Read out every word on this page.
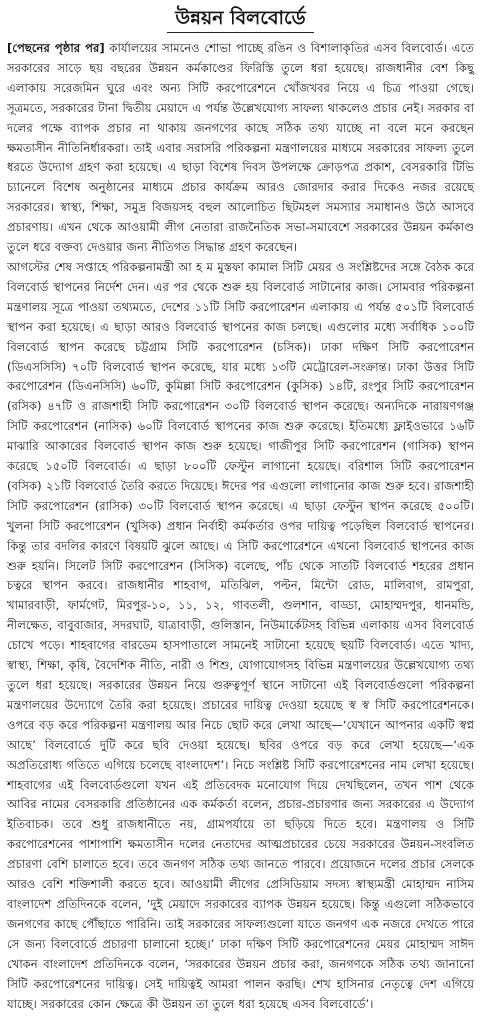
উন্নয়ন বিলবোর্ডে

[পেছনের পৃষ্ঠার পর] কার্যালয়ের সামনেও শোভা পাচ্ছে রঙিন ও বিশালাকৃতির এসব বিলবোর্ড। এতে সরকারের সাড়ে ছয় বছরের উন্নয়ন কর্মকাণ্ডের ফিরিস্তি তুলে ধরা হয়েছে। রাজধানীর বেশ কিছু এলাকায় সরেজমিন ঘুরে এবং অন্য সিটি করপোরেশনে খোঁজখবর নিয়ে এ চিত্র পাওয়া গেছে। সূত্রমতে, সরকারের টানা দ্বিতীয় মেয়াদে এ পর্যন্ত উল্লেখযোগ্য সাফল্য থাকলেও প্রচার নেই। সরকার বা দলের পক্ষে ব্যাপক প্রচার না থাকায় জনগণের কাছে সঠিক তথ্য যাচ্ছে না বলে মনে করছেন ক্ষমতাসীন নীতিনির্ধারকরা। তাই এবার সরাসরি পরিকল্পনা মন্ত্রণালয়ের মাধ্যমে সরকারের সাফল্য তুলে ধরতে উদ্যোগ গ্রহণ করা হয়েছে। এ ছাড়া বিশেষ দিবস উপলক্ষে ক্রোড়পত্র প্রকাশ, বেসরকারি টিভি চ্যানেলে বিশেষ অনুষ্ঠানের মাধ্যমে প্রচার কার্যক্রম আরও জোরদার করার দিকেও নজর রয়েছে সরকারের। স্বাস্থ্য, শিক্ষা, সমুদ্র বিজয়সহ বহুল আলোচিত ছিটমহল সমস্যার সমাধানও উঠে আসবে প্রচারণায়। এখন থেকে আওয়ামী লীগ নেতারা রাজনৈতিক সভা-সমাবেশে সরকারের উন্নয়ন কর্মকাণ্ড তুলে ধরে বক্তব্য দেওয়ার জন্য নীতিগত সিদ্ধান্ত গ্রহণ করেছেন।

আগস্টের শেষ সপ্তাহে পরিকল্পনামন্ত্রী আ হ ম মুস্তফা কামাল সিটি মেয়র ও সংশ্লিষ্টদের সঙ্গে বৈঠক করে বিলবোর্ড স্থাপনের নির্দেশ দেন। এর পর থেকে শুরু হয় বিলবোর্ড সাটানোর কাজ। সোমবার পরিকল্পনা মন্ত্রণালয় সূত্রে পাওয়া তথ্যমতে, দেশের ১১টি সিটি করপোরেশন এলাকায় এ পর্যন্ত ৫০১টি বিলবোর্ড স্থাপন করা হয়েছে। এ ছাড়া আরও বিলবোর্ড স্থাপনের কাজ চলছে। এগুলোর মধ্যে সর্বাধিক ১০০টি বিলবোর্ড স্থাপন করেছে চট্টগ্রাম সিটি করপোরেশন (চসিক)। ঢাকা দক্ষিণ সিটি করপোরেশন (ডিএসসিসি) ৭০টি বিলবোর্ড স্থাপন করেছে, যার মধ্যে ১৩টি মেট্রোরেল-সংক্রান্ত। ঢাকা উত্তর সিটি করপোরেশন (ডিএনসিসি) ৬০টি, কুমিল্লা সিটি করপোরেশন (কুসিক) ১৪টি, রংপুর সিটি করপোরেশন (রসিক) ৪৭টি ও রাজশাহী সিটি করপোরেশন ৩০টি বিলবোর্ড স্থাপন করেছে। অন্যদিকে নারায়ণগঞ্জ সিটি করপোরেশন (নাসিক) ৬০টি বিলবোর্ড স্থাপনের কাজ শুরু করেছে। ইতিমধ্যে ফ্লাইওভারে ১৬টি মাঝারি আকারের বিলবোর্ড স্থাপন কাজ শুরু হয়েছে। গাজীপুর সিটি করপোরেশন (গাসিক) স্থাপন করেছে ১৫০টি বিলবোর্ড। এ ছাড়া ৮০০টি ফেস্টুন লাগানো হয়েছে। বরিশাল সিটি করপোরেশন (বসিক) ২১টি বিলবোর্ড তৈরি করতে দিয়েছে। ঈদের পর এগুলো লাগানোর কাজ শুরু হবে। রাজশাহী সিটি করপোরেশন (রাসিক) ৩০টি বিলবোর্ড স্থাপন করেছে। এ ছাড়া ফেস্টুন স্থাপন করেছে ৫০০টি। খুলনা সিটি করপোরেশন (খুসিক) প্রধান নির্বাহী কর্মকর্তার ওপর দায়িত্ব পড়েছিল বিলবোর্ড স্থাপনের। কিন্তু তার বদলির কারণে বিষয়টি ঝুলে আছে। এ সিটি করপোরেশনে এখনো বিলবোর্ড স্থাপনের কাজ শুরু হয়নি। সিলেট সিটি করপোরেশন (সিসিক) বলেছে, পাঁচ থেকে সাতটি বিলবোর্ড শহরের প্রধান চত্বরে স্থাপন করবে। রাজধানীর শাহবাগ, মতিঝিল, পল্টন, মিন্টো রোড, মালিবাগ, রামপুরা, খামারবাড়ী, ফার্মগেট, মিরপুর-১০, ১১, ১২, গাবতলী, গুলশান, বাড্ডা, মোহাম্মদপুর, ধানমন্ডি, নীলক্ষেত, বাবুবাজার, সদরঘাট, যাত্রাবাড়ী, গুলিস্তান, নিউমার্কেটসহ বিভিন্ন এলাকায় এসব বিলবোর্ড চোখে পড়ে। শাহবাগের বারডেম হাসপাতালে সামনেই সাটানো হয়েছে ছয়টি বিলবোর্ড। এতে খাদ্য, স্বাস্থ্য, শিক্ষা, কৃষি, বৈদেশিক নীতি, নারী ও শিশু, যোগাযোগসহ বিভিন্ন মন্ত্রণালয়ের উল্লেখযোগ্য তথ্য তুলে ধরা হয়েছে। সরকারের উন্নয়ন নিয়ে গুরুত্বপূর্ণ স্থানে সাটানো এই বিলবোর্ডগুলো পরিকল্পনা মন্ত্রণালয়ের উদ্যোগে তৈরি করা হয়েছে। প্রচারের দায়িত্ব দেওয়া হয়েছে স্ব স্ব সিটি করপোরেশনকে। ওপরে বড় করে পরিকল্পনা মন্ত্রণালয় আর নিচে ছোট করে লেখা আছে—‘যেখানে আপনার একটি স্বপ্ন আছে’ বিলবোর্ডে দুটি করে ছবি দেওয়া হয়েছে। ছবির ওপরে বড় করে লেখা হয়েছে—‘এক অপ্রতিরোধ্য গতিতে এগিয়ে চলেছে বাংলাদেশ’। নিচে সংশ্লিষ্ট সিটি করপোরেশনের নাম লেখা হয়েছে। শাহবাগের এই বিলবোর্ডগুলো যখন এই প্রতিবেদক মনোযোগ দিয়ে দেখছিলেন, তখন পাশ থেকে আবির নামের বেসরকারি প্রতিষ্ঠানের এক কর্মকর্তা বলেন, প্রচার-প্রচারণার জন্য সরকারের এ উদ্যোগ ইতিবাচক। তবে শুধু রাজধানীতে নয়, গ্রামপর্যায়ে তা ছড়িয়ে দিতে হবে। মন্ত্রণালয় ও সিটি করপোরেশনের পাশাপাশি ক্ষমতাসীন দলের নেতাদের আত্মপ্রচারের চেয়ে সরকারের উন্নয়ন-সংবলিত প্রচারণা বেশি চালাতে হবে। তবে জনগণ সঠিক তথ্য জানতে পারবে। প্রয়োজনে দলের প্রচার সেলকে আরও বেশি শক্তিশালী করতে হবে। আওয়ামী লীগের প্রেসিডিয়াম সদস্য স্বাস্থ্যমন্ত্রী মোহাম্মদ নাসিম বাংলাদেশ প্রতিদিনকে বলেন, ‘দুই মেয়াদে সরকারের ব্যাপক উন্নয়ন হয়েছে। কিন্তু এগুলো সঠিকভাবে জনগণের কাছে পৌঁছাতে পারিনি। তাই সরকারের সাফল্যগুলো যাতে জনগণ এক নজরে দেখতে পারে সে জন্য বিলবোর্ডে প্রচারণা চালানো হচ্ছে।’ ঢাকা দক্ষিণ সিটি করপোরেশনের মেয়র মোহাম্মদ সাঈদ খোকন বাংলাদেশ প্রতিদিনকে বলেন, ‘সরকারের উন্নয়ন প্রচার করা, জনগণকে সঠিক তথ্য জানানো সিটি করপোরেশনের দায়িত্ব। সেই দায়িত্বই আমরা পালন করছি। শেখ হাসিনার নেতৃত্বে দেশ এগিয়ে যাচ্ছে। সরকারের কোন ক্ষেত্রে কী উন্নয়ন তা তুলে ধরা হয়েছে এসব বিলবোর্ডে’।
